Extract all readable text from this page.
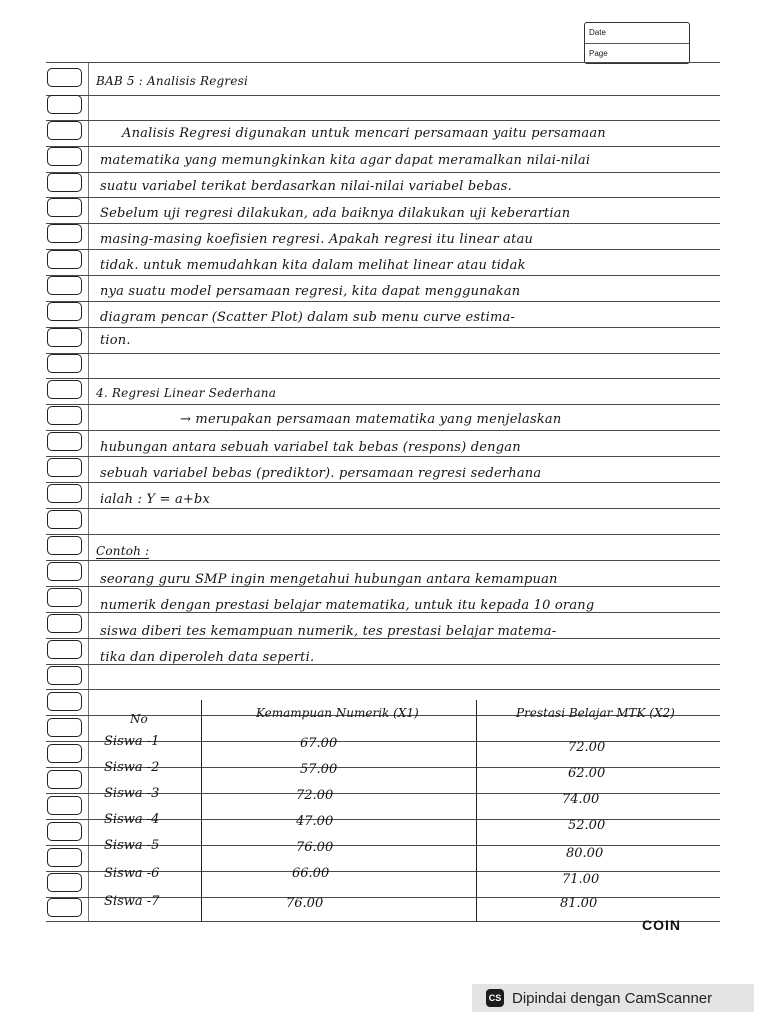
Date
Page
BAB 5 : Analisis Regresi
Analisis Regresi digunakan untuk mencari persamaan yaitu persamaan
matematika yang memungkinkan kita agar dapat meramalkan nilai-nilai
suatu variabel terikat berdasarkan nilai-nilai variabel bebas.
Sebelum uji regresi dilakukan, ada baiknya dilakukan uji keberartian
masing-masing koefisien regresi. Apakah regresi itu linear atau
tidak. untuk memudahkan kita dalam melihat linear atau tidak
nya suatu model persamaan regresi, kita dapat menggunakan
diagram pencar (Scatter Plot) dalam sub menu curve estima-
tion.
4. Regresi Linear Sederhana
→ merupakan persamaan matematika yang menjelaskan
hubungan antara sebuah variabel tak bebas (respons) dengan
sebuah variabel bebas (prediktor). persamaan regresi sederhana
ialah : Y = a+bx
Contoh :
seorang guru SMP ingin mengetahui hubungan antara kemampuan
numerik dengan prestasi belajar matematika, untuk itu kepada 10 orang
siswa diberi tes kemampuan numerik, tes prestasi belajar matema-
tika dan diperoleh data seperti.
No	Kemampuan Numerik (X1)	Prestasi Belajar MTK (X2)
Siswa -1	67.00	72.00
Siswa -2	57.00	62.00
Siswa -3	72.00	74.00
Siswa -4	47.00	52.00
Siswa -5	76.00	80.00
Siswa -6	66.00	71.00
Siswa -7	76.00	81.00
COIN
CS Dipindai dengan CamScanner
